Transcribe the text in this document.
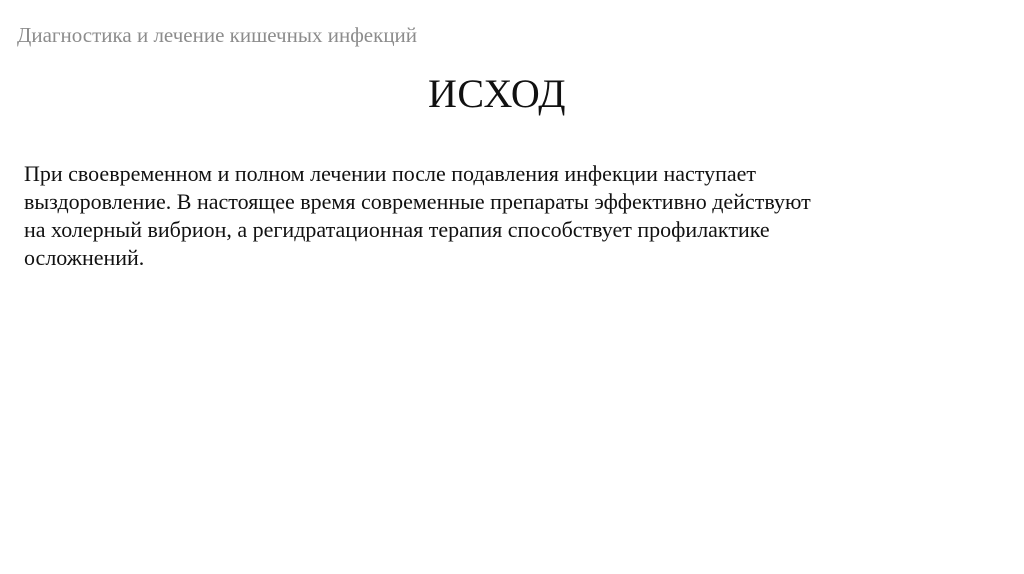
Диагностика и лечение кишечных инфекций
ИСХОД

При своевременном и полном лечении после подавления инфекции наступает
выздоровление. В настоящее время современные препараты эффективно действуют
на холерный вибрион, а регидратационная терапия способствует профилактике
осложнений.
